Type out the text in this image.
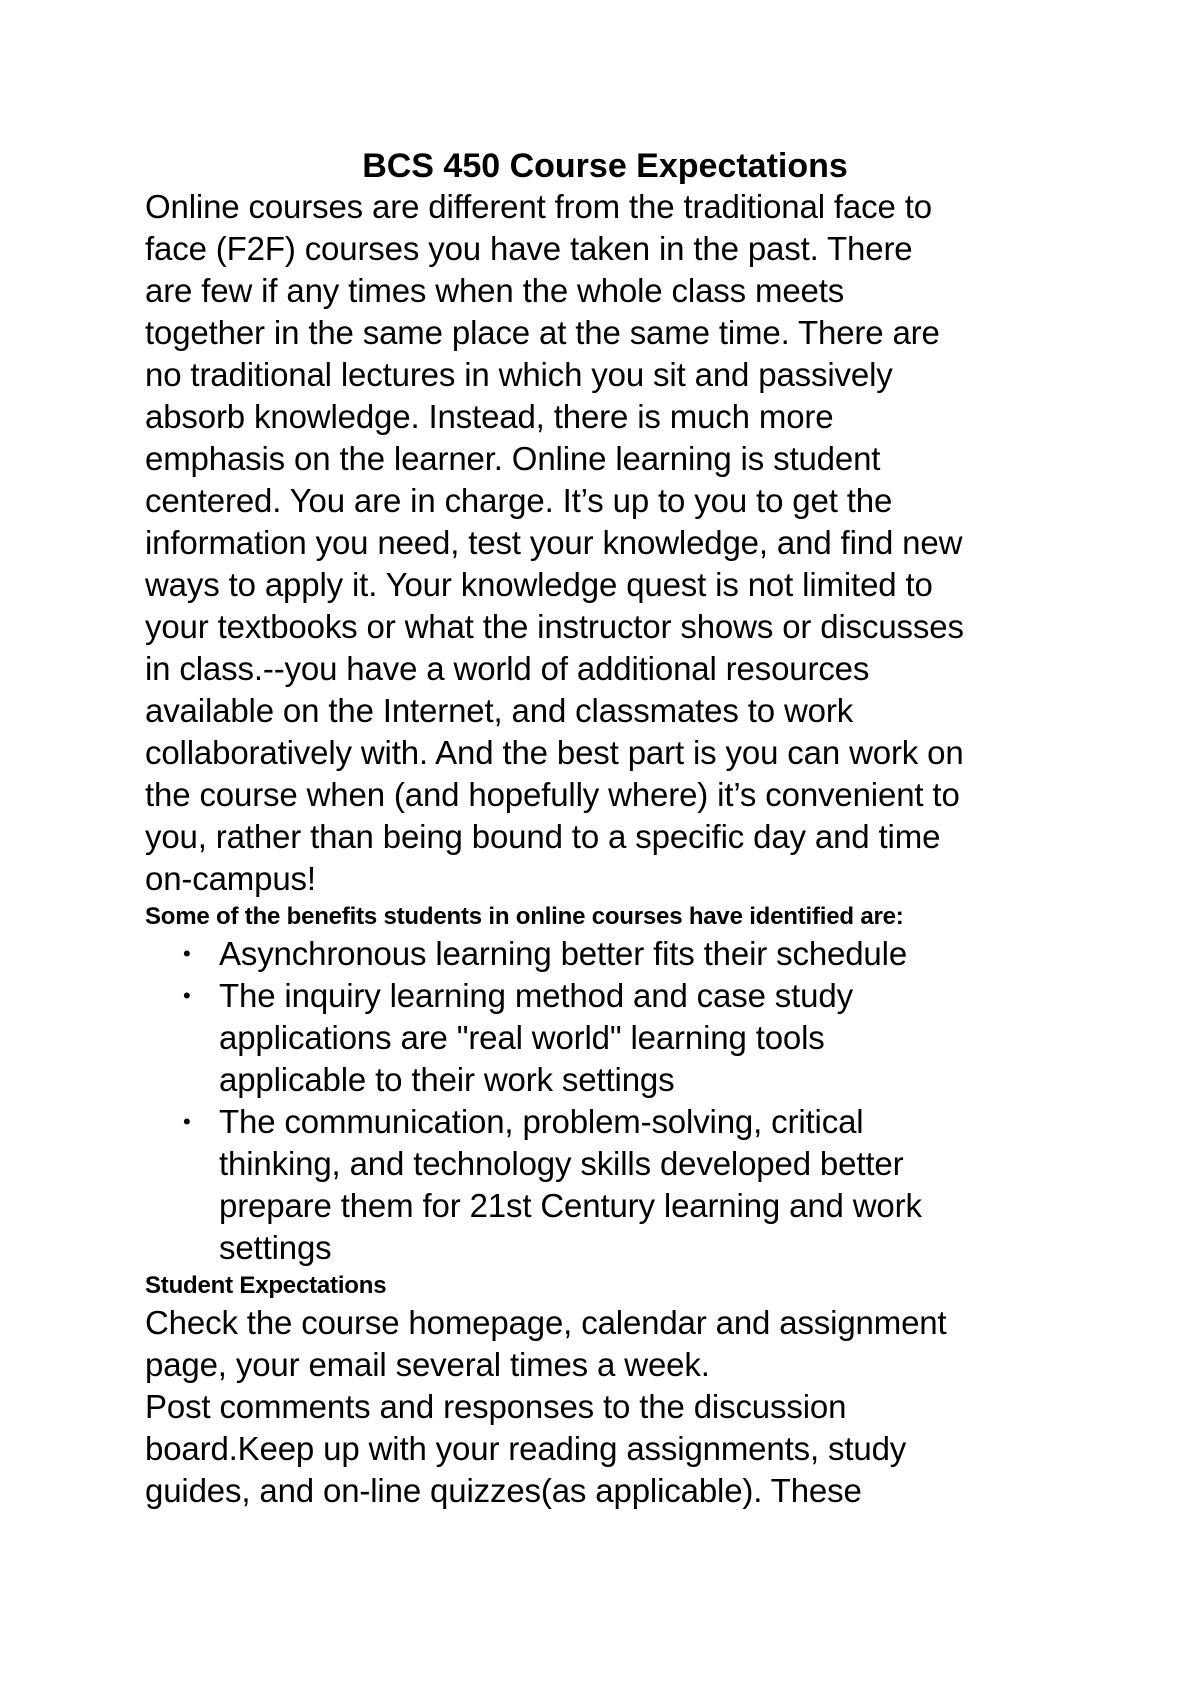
BCS 450 Course Expectations

Online courses are different from the traditional face to
face (F2F) courses you have taken in the past. There
are few if any times when the whole class meets
together in the same place at the same time. There are
no traditional lectures in which you sit and passively
absorb knowledge. Instead, there is much more
emphasis on the learner. Online learning is student
centered. You are in charge. It’s up to you to get the
information you need, test your knowledge, and find new
ways to apply it. Your knowledge quest is not limited to
your textbooks or what the instructor shows or discusses
in class.--you have a world of additional resources
available on the Internet, and classmates to work
collaboratively with. And the best part is you can work on
the course when (and hopefully where) it’s convenient to
you, rather than being bound to a specific day and time
on-campus!

Some of the benefits students in online courses have identified are:

• Asynchronous learning better fits their schedule
• The inquiry learning method and case study
applications are "real world" learning tools
applicable to their work settings
• The communication, problem-solving, critical
thinking, and technology skills developed better
prepare them for 21st Century learning and work
settings

Student Expectations

Check the course homepage, calendar and assignment
page, your email several times a week.
Post comments and responses to the discussion
board.Keep up with your reading assignments, study
guides, and on-line quizzes(as applicable). These
